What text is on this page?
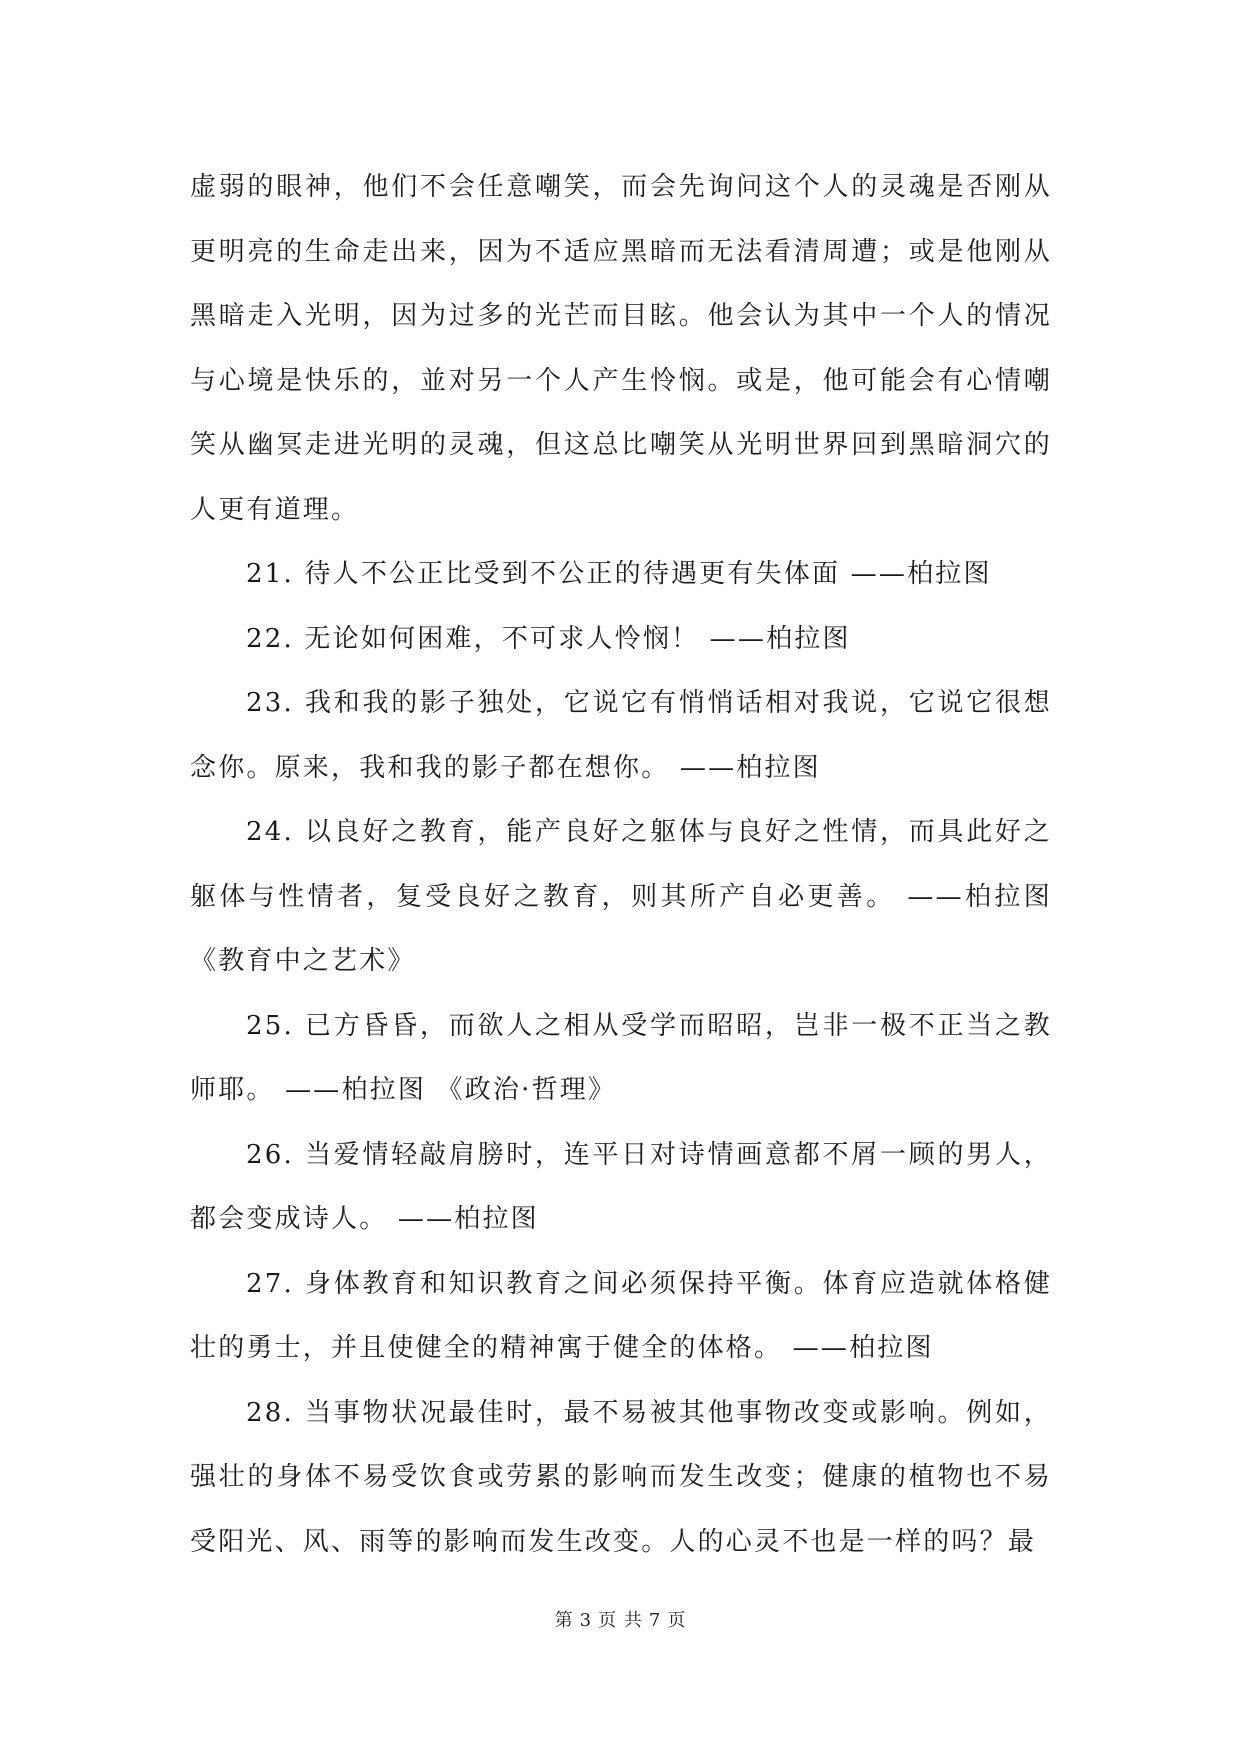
虚弱的眼神，他们不会任意嘲笑，而会先询问这个人的灵魂是否刚从更明亮的生命走出来，因为不适应黑暗而无法看清周遭；或是他刚从黑暗走入光明，因为过多的光芒而目眩。他会认为其中一个人的情况与心境是快乐的，並对另一个人产生怜悯。或是，他可能会有心情嘲笑从幽冥走进光明的灵魂，但这总比嘲笑从光明世界回到黑暗洞穴的人更有道理。

21. 待人不公正比受到不公正的待遇更有失体面 ——柏拉图

22. 无论如何困难，不可求人怜悯！ ——柏拉图

23. 我和我的影子独处，它说它有悄悄话相对我说，它说它很想念你。原来，我和我的影子都在想你。 ——柏拉图

24. 以良好之教育，能产良好之躯体与良好之性情，而具此好之躯体与性情者，复受良好之教育，则其所产自必更善。 ——柏拉图《教育中之艺术》

25. 已方昏昏，而欲人之相从受学而昭昭，岂非一极不正当之教师耶。 ——柏拉图 《政治·哲理》

26. 当爱情轻敲肩膀时，连平日对诗情画意都不屑一顾的男人，都会变成诗人。 ——柏拉图

27. 身体教育和知识教育之间必须保持平衡。体育应造就体格健壮的勇士，并且使健全的精神寓于健全的体格。 ——柏拉图

28. 当事物状况最佳时，最不易被其他事物改变或影响。例如，强壮的身体不易受饮食或劳累的影响而发生改变；健康的植物也不易受阳光、风、雨等的影响而发生改变。人的心灵不也是一样的吗？最

第 3 页 共 7 页
